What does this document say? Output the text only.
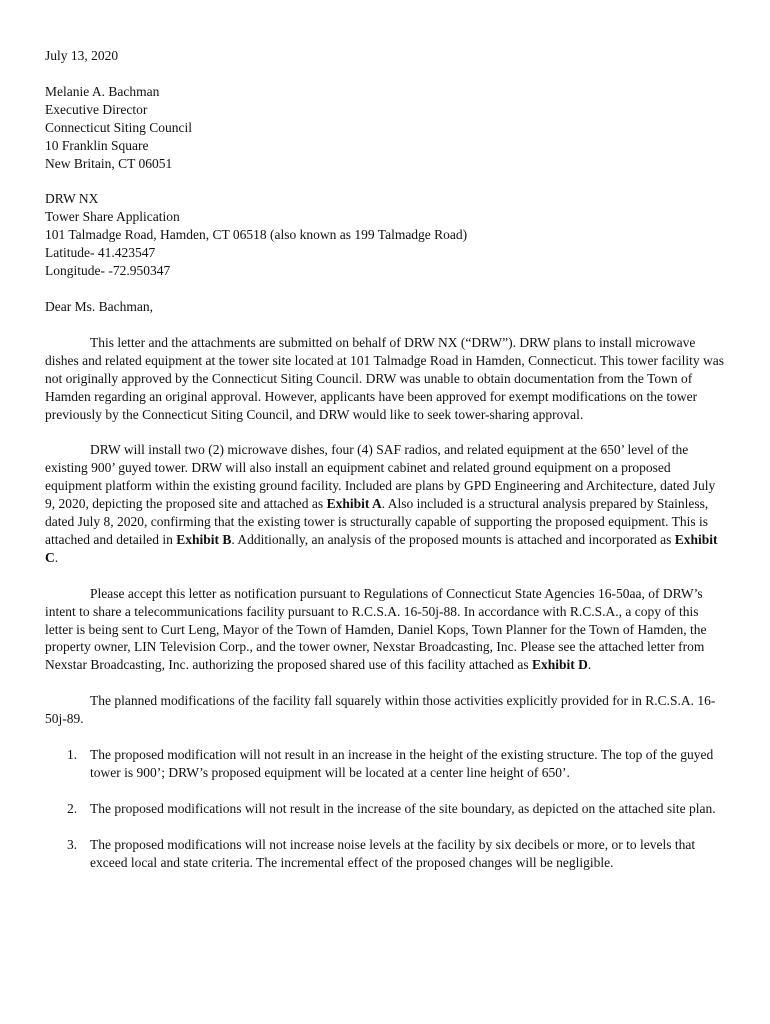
July 13, 2020
Melanie A. Bachman
Executive Director
Connecticut Siting Council
10 Franklin Square
New Britain, CT 06051
DRW NX
Tower Share Application
101 Talmadge Road, Hamden, CT 06518 (also known as 199 Talmadge Road)
Latitude- 41.423547
Longitude- -72.950347
Dear Ms. Bachman,

This letter and the attachments are submitted on behalf of DRW NX (“DRW”). DRW plans to install microwave dishes and related equipment at the tower site located at 101 Talmadge Road in Hamden, Connecticut. This tower facility was not originally approved by the Connecticut Siting Council. DRW was unable to obtain documentation from the Town of Hamden regarding an original approval. However, applicants have been approved for exempt modifications on the tower previously by the Connecticut Siting Council, and DRW would like to seek tower-sharing approval.

DRW will install two (2) microwave dishes, four (4) SAF radios, and related equipment at the 650’ level of the existing 900’ guyed tower. DRW will also install an equipment cabinet and related ground equipment on a proposed equipment platform within the existing ground facility. Included are plans by GPD Engineering and Architecture, dated July 9, 2020, depicting the proposed site and attached as Exhibit A. Also included is a structural analysis prepared by Stainless, dated July 8, 2020, confirming that the existing tower is structurally capable of supporting the proposed equipment. This is attached and detailed in Exhibit B. Additionally, an analysis of the proposed mounts is attached and incorporated as Exhibit C.

Please accept this letter as notification pursuant to Regulations of Connecticut State Agencies 16-50aa, of DRW’s intent to share a telecommunications facility pursuant to R.C.S.A. 16-50j-88. In accordance with R.C.S.A., a copy of this letter is being sent to Curt Leng, Mayor of the Town of Hamden, Daniel Kops, Town Planner for the Town of Hamden, the property owner, LIN Television Corp., and the tower owner, Nexstar Broadcasting, Inc. Please see the attached letter from Nexstar Broadcasting, Inc. authorizing the proposed shared use of this facility attached as Exhibit D.

The planned modifications of the facility fall squarely within those activities explicitly provided for in R.C.S.A. 16-50j-89.

1. The proposed modification will not result in an increase in the height of the existing structure. The top of the guyed tower is 900’; DRW’s proposed equipment will be located at a center line height of 650’.
2. The proposed modifications will not result in the increase of the site boundary, as depicted on the attached site plan.
3. The proposed modifications will not increase noise levels at the facility by six decibels or more, or to levels that exceed local and state criteria. The incremental effect of the proposed changes will be negligible.
